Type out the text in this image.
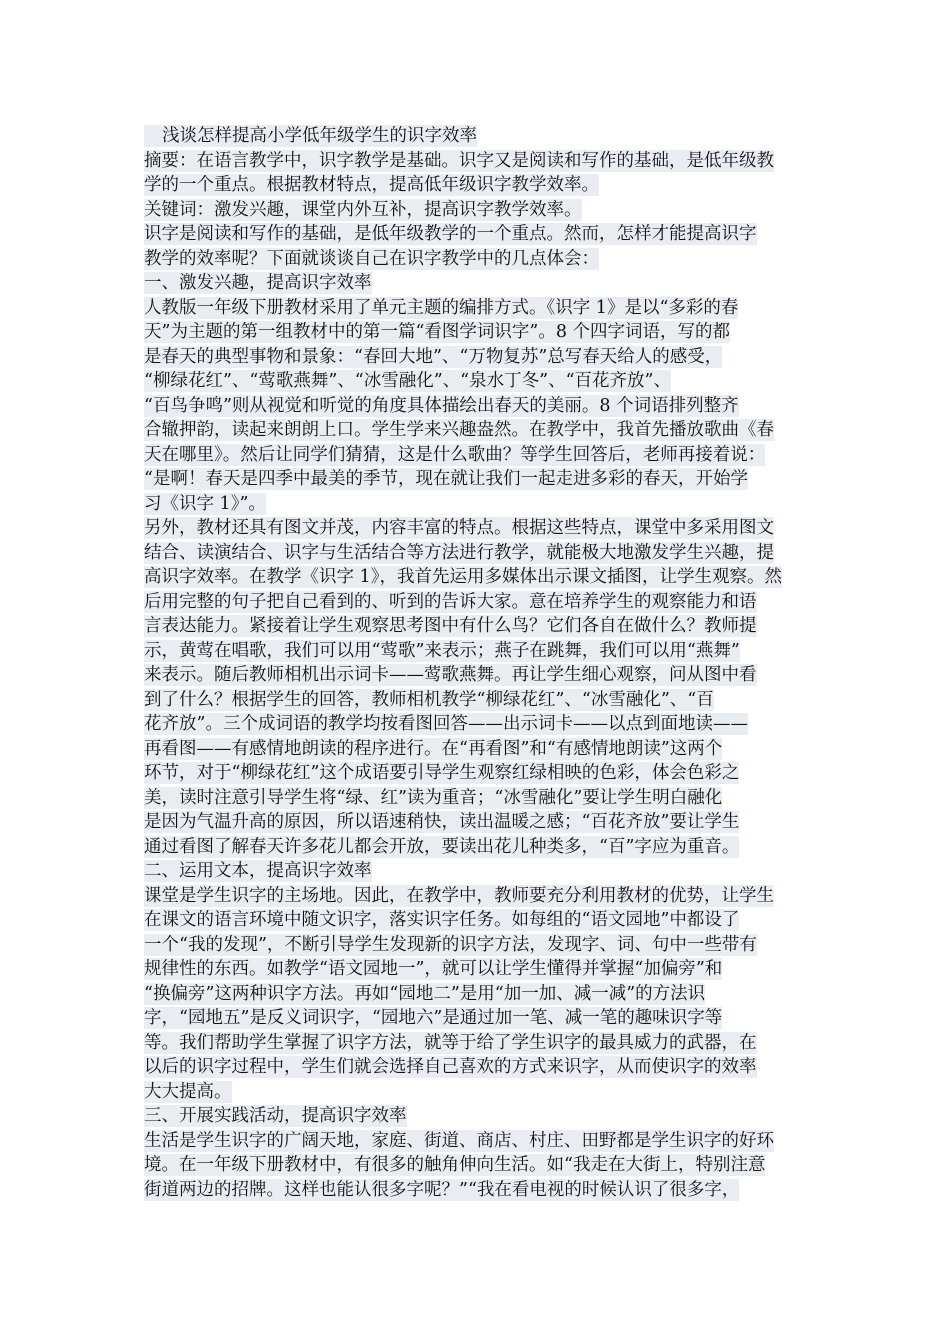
浅谈怎样提高小学低年级学生的识字效率
摘要：在语言教学中，识字教学是基础。识字又是阅读和写作的基础，是低年级教
学的一个重点。根据教材特点，提高低年级识字教学效率。
关键词：激发兴趣，课堂内外互补，提高识字教学效率。
识字是阅读和写作的基础，是低年级教学的一个重点。然而，怎样才能提高识字
教学的效率呢？下面就谈谈自己在识字教学中的几点体会：
一、激发兴趣，提高识字效率
人教版一年级下册教材采用了单元主题的编排方式。《识字 1》是以“多彩的春
天”为主题的第一组教材中的第一篇“看图学词识字”。8 个四字词语，写的都
是春天的典型事物和景象：“春回大地”、“万物复苏”总写春天给人的感受，
“柳绿花红”、“莺歌燕舞”、“冰雪融化”、“泉水丁冬”、“百花齐放”、
“百鸟争鸣”则从视觉和听觉的角度具体描绘出春天的美丽。8 个词语排列整齐
合辙押韵，读起来朗朗上口。学生学来兴趣盎然。在教学中，我首先播放歌曲《春
天在哪里》。然后让同学们猜猜，这是什么歌曲？等学生回答后，老师再接着说：
“是啊！春天是四季中最美的季节，现在就让我们一起走进多彩的春天，开始学
习《识字 1》”。
另外，教材还具有图文并茂，内容丰富的特点。根据这些特点，课堂中多采用图文
结合、读演结合、识字与生活结合等方法进行教学，就能极大地激发学生兴趣，提
高识字效率。在教学《识字 1》，我首先运用多媒体出示课文插图，让学生观察。然
后用完整的句子把自己看到的、听到的告诉大家。意在培养学生的观察能力和语
言表达能力。紧接着让学生观察思考图中有什么鸟？它们各自在做什么？教师提
示，黄莺在唱歌，我们可以用“莺歌”来表示；燕子在跳舞，我们可以用“燕舞”
来表示。随后教师相机出示词卡——莺歌燕舞。再让学生细心观察，问从图中看
到了什么？根据学生的回答，教师相机教学“柳绿花红”、“冰雪融化”、“百
花齐放”。三个成词语的教学均按看图回答——出示词卡——以点到面地读——
再看图——有感情地朗读的程序进行。在“再看图”和“有感情地朗读”这两个
环节，对于“柳绿花红”这个成语要引导学生观察红绿相映的色彩，体会色彩之
美，读时注意引导学生将“绿、红”读为重音；“冰雪融化”要让学生明白融化
是因为气温升高的原因，所以语速稍快，读出温暖之感；“百花齐放”要让学生
通过看图了解春天许多花儿都会开放，要读出花儿种类多，“百”字应为重音。
二、运用文本，提高识字效率
课堂是学生识字的主场地。因此，在教学中，教师要充分利用教材的优势，让学生
在课文的语言环境中随文识字，落实识字任务。如每组的“语文园地”中都设了
一个“我的发现”，不断引导学生发现新的识字方法，发现字、词、句中一些带有
规律性的东西。如教学“语文园地一”，就可以让学生懂得并掌握“加偏旁”和
“换偏旁”这两种识字方法。再如“园地二”是用“加一加、减一减”的方法识
字，“园地五”是反义词识字，“园地六”是通过加一笔、减一笔的趣味识字等
等。我们帮助学生掌握了识字方法，就等于给了学生识字的最具威力的武器，在
以后的识字过程中，学生们就会选择自己喜欢的方式来识字，从而使识字的效率
大大提高。
三、开展实践活动，提高识字效率
生活是学生识字的广阔天地，家庭、街道、商店、村庄、田野都是学生识字的好环
境。在一年级下册教材中，有很多的触角伸向生活。如“我走在大街上，特别注意
街道两边的招牌。这样也能认很多字呢？”“我在看电视的时候认识了很多字，
